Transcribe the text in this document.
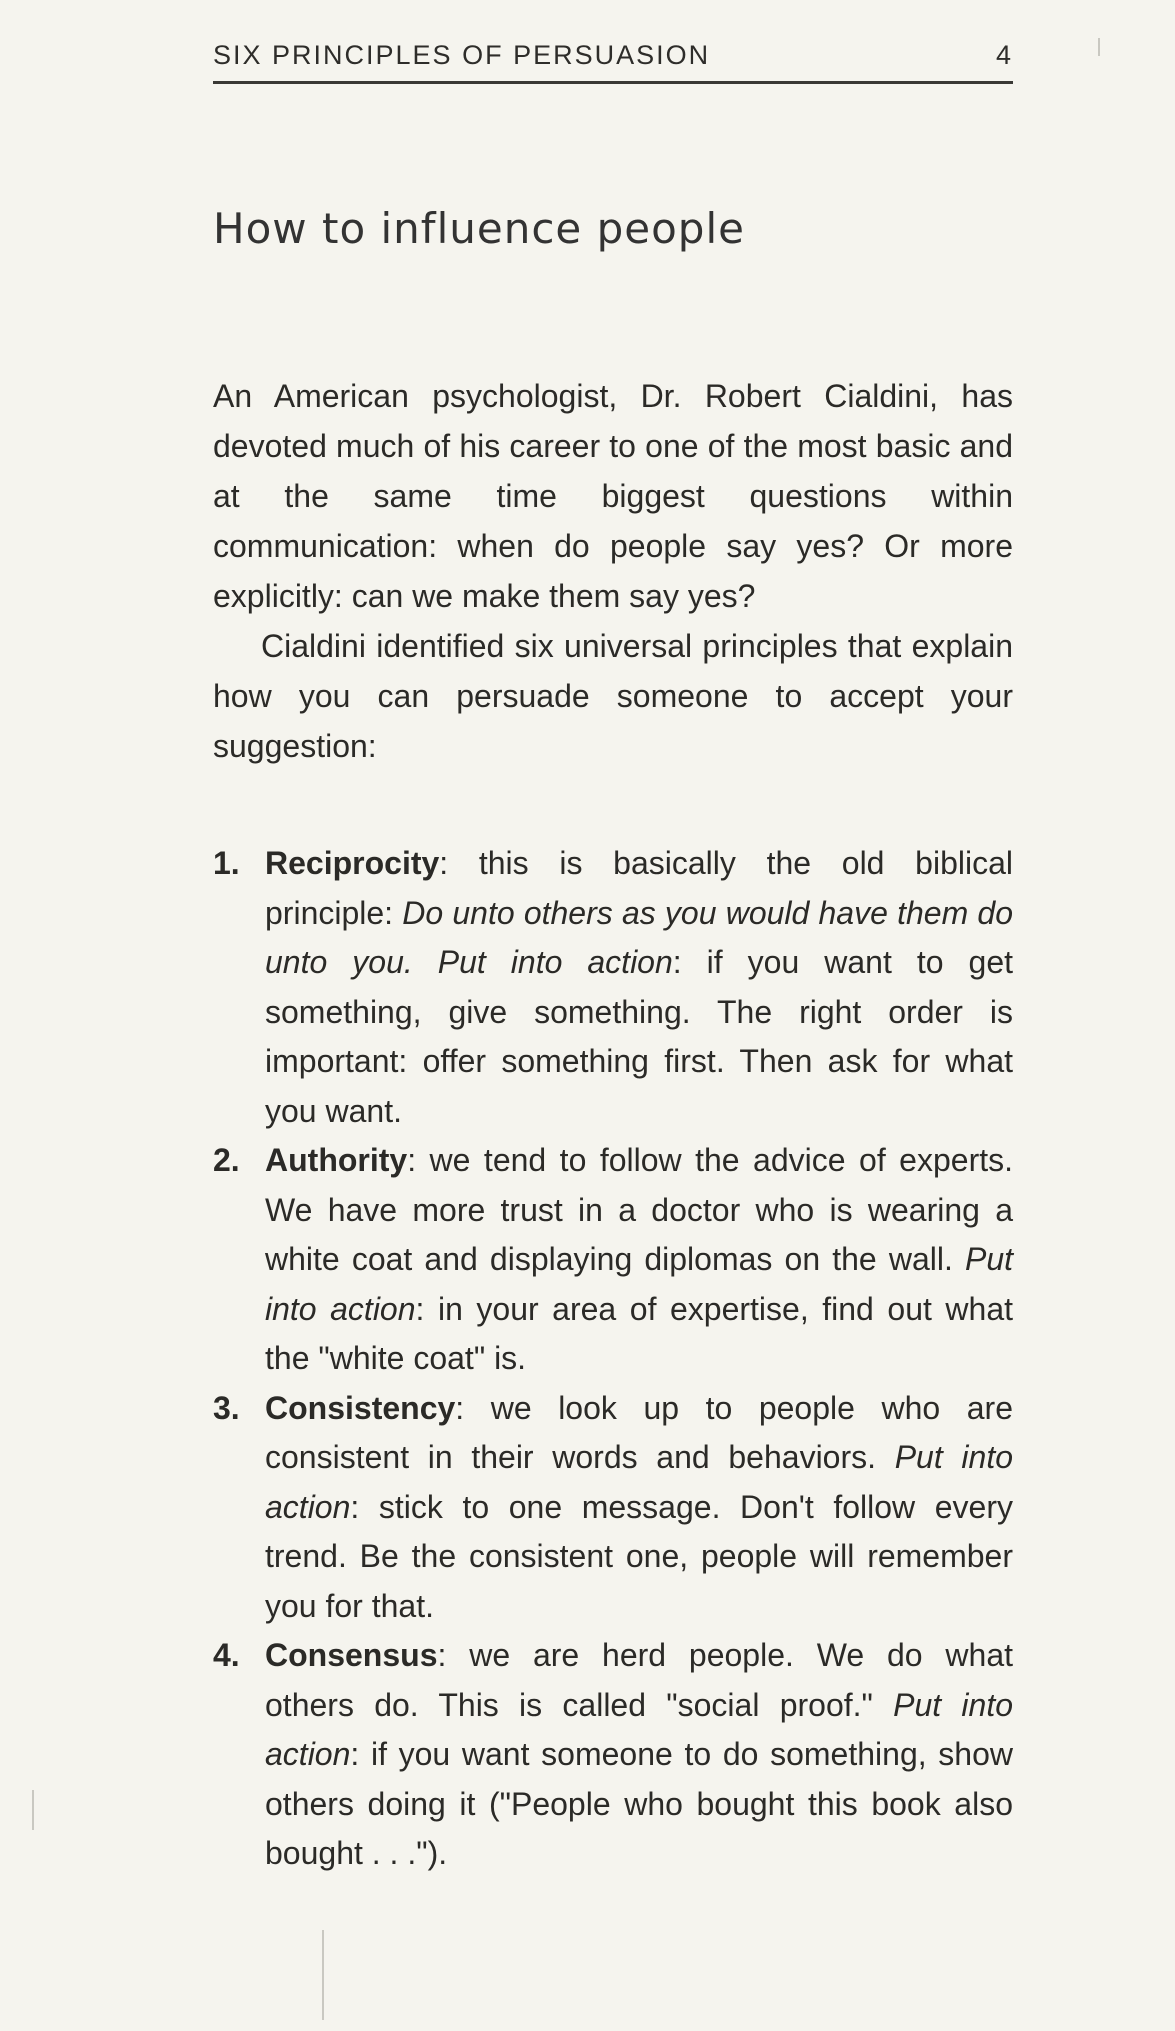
SIX PRINCIPLES OF PERSUASION	4
How to influence people

An American psychologist, Dr. Robert Cialdini, has devoted much of his career to one of the most basic and at the same time biggest questions within communication: when do people say yes? Or more explicitly: can we make them say yes?

Cialdini identified six universal principles that explain how you can persuade someone to accept your suggestion:

1. Reciprocity: this is basically the old biblical principle: Do unto others as you would have them do unto you. Put into action: if you want to get something, give something. The right order is important: offer something first. Then ask for what you want.
2. Authority: we tend to follow the advice of experts. We have more trust in a doctor who is wearing a white coat and displaying diplomas on the wall. Put into action: in your area of expertise, find out what the "white coat" is.
3. Consistency: we look up to people who are consistent in their words and behaviors. Put into action: stick to one message. Don't follow every trend. Be the consistent one, people will remember you for that.
4. Consensus: we are herd people. We do what others do. This is called "social proof." Put into action: if you want someone to do something, show others doing it ("People who bought this book also bought . . .").
